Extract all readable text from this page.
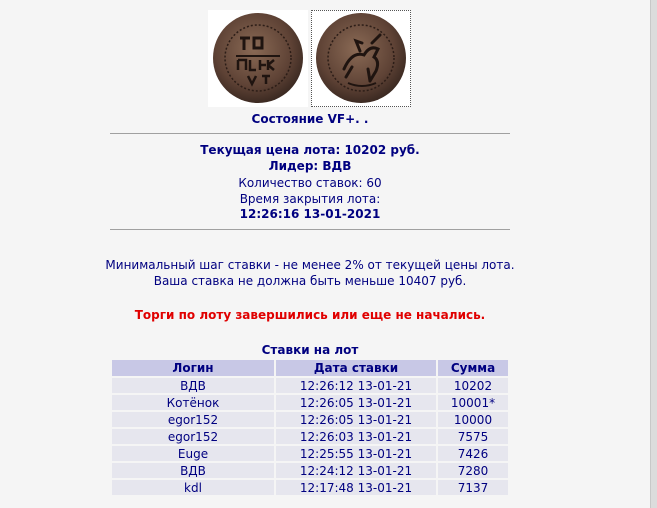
Состояние VF+. .
Текущая цена лота: 10202 руб.
Лидер: ВДВ
Количество ставок: 60
Время закрытия лота:
12:26:16 13-01-2021
Минимальный шаг ставки - не менее 2% от текущей цены лота.
Ваша ставка не должна быть меньше 10407 руб.
Торги по лоту завершились или еще не начались.
Ставки на лот
Логин	Дата ставки	Сумма
ВДВ	12:26:12 13-01-21	10202
Котёнок	12:26:05 13-01-21	10001*
egor152	12:26:05 13-01-21	10000
egor152	12:26:03 13-01-21	7575
Euge	12:25:55 13-01-21	7426
ВДВ	12:24:12 13-01-21	7280
kdl	12:17:48 13-01-21	7137
